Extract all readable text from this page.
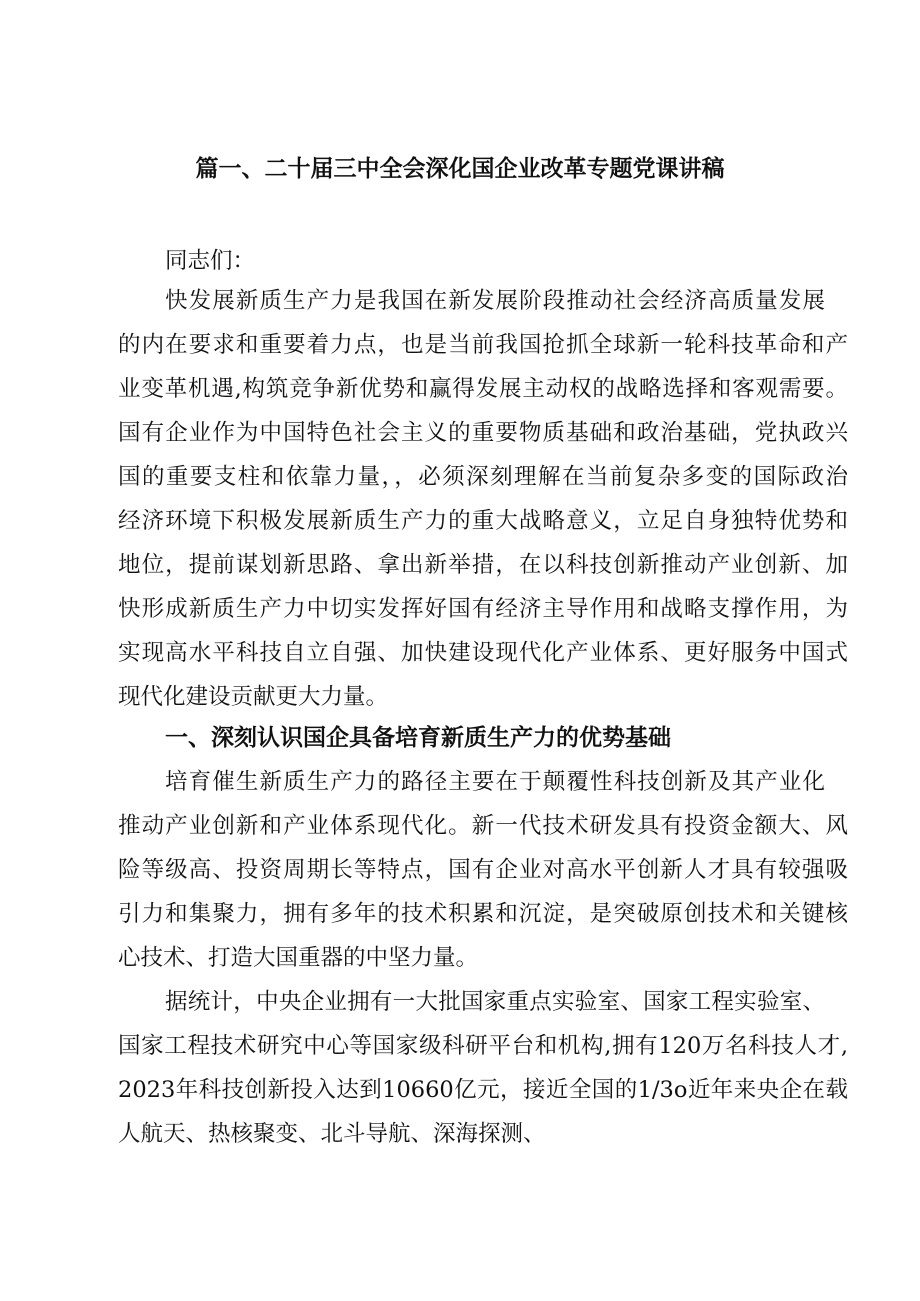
篇一、二十届三中全会深化国企业改革专题党课讲稿
同志们：
快发展新质生产力是我国在新发展阶段推动社会经济高质量发展
的内在要求和重要着力点，也是当前我国抢抓全球新一轮科技革命和产
业变革机遇,构筑竞争新优势和赢得发展主动权的战略选择和客观需要。
国有企业作为中国特色社会主义的重要物质基础和政治基础，党执政兴
国的重要支柱和依靠力量，，必须深刻理解在当前复杂多变的国际政治
经济环境下积极发展新质生产力的重大战略意义，立足自身独特优势和
地位，提前谋划新思路、拿出新举措，在以科技创新推动产业创新、加
快形成新质生产力中切实发挥好国有经济主导作用和战略支撑作用，为
实现高水平科技自立自强、加快建设现代化产业体系、更好服务中国式
现代化建设贡献更大力量。
一、深刻认识国企具备培育新质生产力的优势基础
培育催生新质生产力的路径主要在于颠覆性科技创新及其产业化
推动产业创新和产业体系现代化。新一代技术研发具有投资金额大、风
险等级高、投资周期长等特点，国有企业对高水平创新人才具有较强吸
引力和集聚力，拥有多年的技术积累和沉淀，是突破原创技术和关键核
心技术、打造大国重器的中坚力量。
据统计，中央企业拥有一大批国家重点实验室、国家工程实验室、
国家工程技术研究中心等国家级科研平台和机构,拥有120万名科技人才,
2023年科技创新投入达到10660亿元，接近全国的1/3o近年来央企在载
人航天、热核聚变、北斗导航、深海探测、
